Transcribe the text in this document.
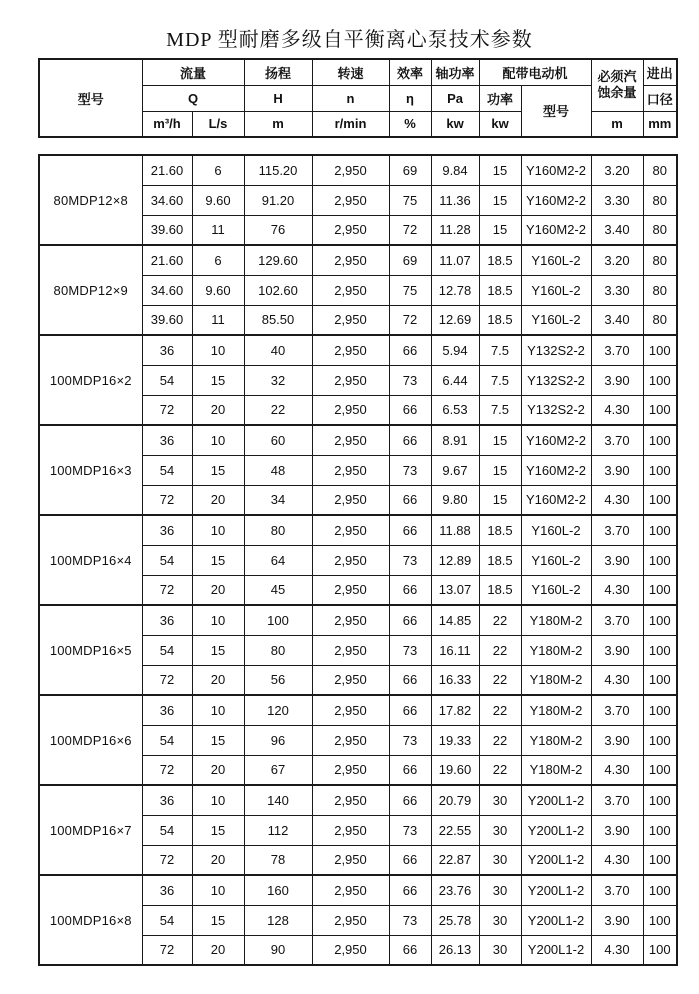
MDP 型耐磨多级自平衡离心泵技术参数
型号	流量		扬程	转速	效率	轴功率	配带电动机		必须汽蚀余量	进出
	Q		H	n	η	Pa	功率	型号		口径
	m³/h	L/s	m	r/min	%	kw	kw		m	mm
80MDP12×8	21.60	6	115.20	2,950	69	9.84	15	Y160M2-2	3.20	80
	34.60	9.60	91.20	2,950	75	11.36	15	Y160M2-2	3.30	80
	39.60	11	76	2,950	72	11.28	15	Y160M2-2	3.40	80
80MDP12×9	21.60	6	129.60	2,950	69	11.07	18.5	Y160L-2	3.20	80
	34.60	9.60	102.60	2,950	75	12.78	18.5	Y160L-2	3.30	80
	39.60	11	85.50	2,950	72	12.69	18.5	Y160L-2	3.40	80
100MDP16×2	36	10	40	2,950	66	5.94	7.5	Y132S2-2	3.70	100
	54	15	32	2,950	73	6.44	7.5	Y132S2-2	3.90	100
	72	20	22	2,950	66	6.53	7.5	Y132S2-2	4.30	100
100MDP16×3	36	10	60	2,950	66	8.91	15	Y160M2-2	3.70	100
	54	15	48	2,950	73	9.67	15	Y160M2-2	3.90	100
	72	20	34	2,950	66	9.80	15	Y160M2-2	4.30	100
100MDP16×4	36	10	80	2,950	66	11.88	18.5	Y160L-2	3.70	100
	54	15	64	2,950	73	12.89	18.5	Y160L-2	3.90	100
	72	20	45	2,950	66	13.07	18.5	Y160L-2	4.30	100
100MDP16×5	36	10	100	2,950	66	14.85	22	Y180M-2	3.70	100
	54	15	80	2,950	73	16.11	22	Y180M-2	3.90	100
	72	20	56	2,950	66	16.33	22	Y180M-2	4.30	100
100MDP16×6	36	10	120	2,950	66	17.82	22	Y180M-2	3.70	100
	54	15	96	2,950	73	19.33	22	Y180M-2	3.90	100
	72	20	67	2,950	66	19.60	22	Y180M-2	4.30	100
100MDP16×7	36	10	140	2,950	66	20.79	30	Y200L1-2	3.70	100
	54	15	112	2,950	73	22.55	30	Y200L1-2	3.90	100
	72	20	78	2,950	66	22.87	30	Y200L1-2	4.30	100
100MDP16×8	36	10	160	2,950	66	23.76	30	Y200L1-2	3.70	100
	54	15	128	2,950	73	25.78	30	Y200L1-2	3.90	100
	72	20	90	2,950	66	26.13	30	Y200L1-2	4.30	100
